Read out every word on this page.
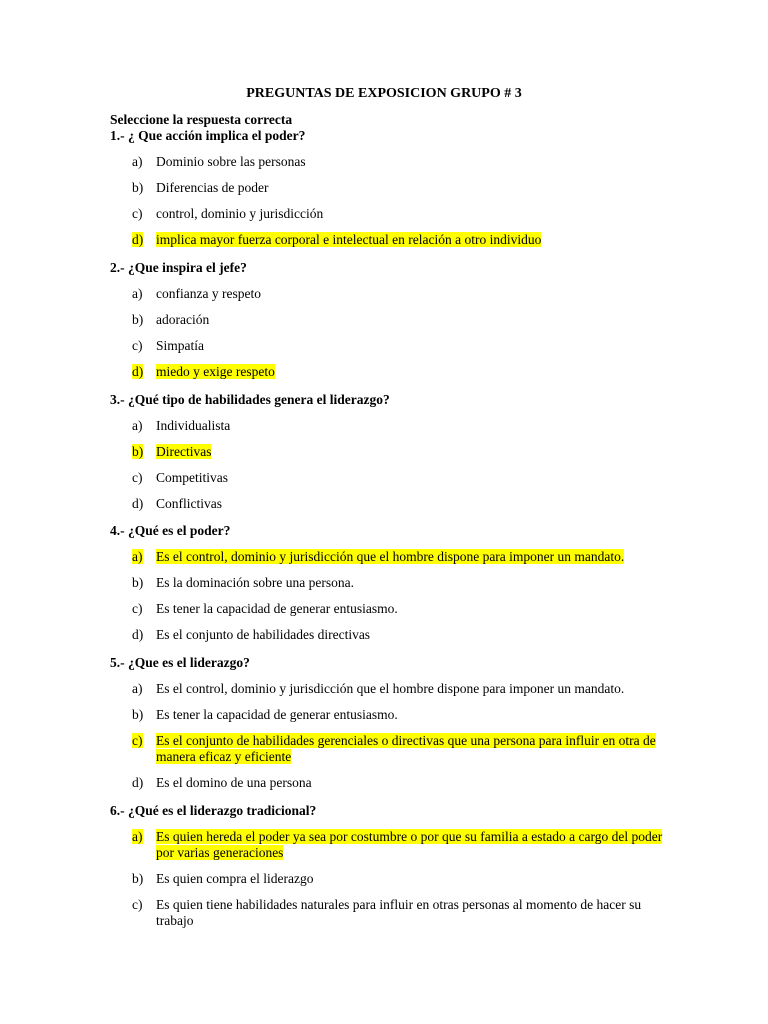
PREGUNTAS DE EXPOSICION GRUPO # 3

Seleccione la respuesta correcta

1.- ¿ Que acción implica el poder?

a) Dominio sobre las personas
b) Diferencias de poder
c) control, dominio y jurisdicción
d) implica mayor fuerza corporal e intelectual en relación a otro individuo

2.- ¿Que inspira el jefe?

a) confianza y respeto
b) adoración
c) Simpatía
d) miedo y exige respeto

3.- ¿Qué tipo de habilidades genera el liderazgo?

a) Individualista
b) Directivas
c) Competitivas
d) Conflictivas

4.- ¿Qué es el poder?

a) Es el control, dominio y jurisdicción que el hombre dispone para imponer un mandato.
b) Es la dominación sobre una persona.
c) Es tener la capacidad de generar entusiasmo.
d) Es el conjunto de habilidades directivas

5.- ¿Que es el liderazgo?

a) Es el control, dominio y jurisdicción que el hombre dispone para imponer un mandato.
b) Es tener la capacidad de generar entusiasmo.
c) Es el conjunto de habilidades gerenciales o directivas que una persona para influir en otra de manera eficaz y eficiente
d) Es el domino de una persona

6.- ¿Qué es el liderazgo tradicional?

a) Es quien hereda el poder ya sea por costumbre o por que su familia a estado a cargo del poder por varias generaciones
b) Es quien compra el liderazgo
c) Es quien tiene habilidades naturales para influir en otras personas al momento de hacer su trabajo
